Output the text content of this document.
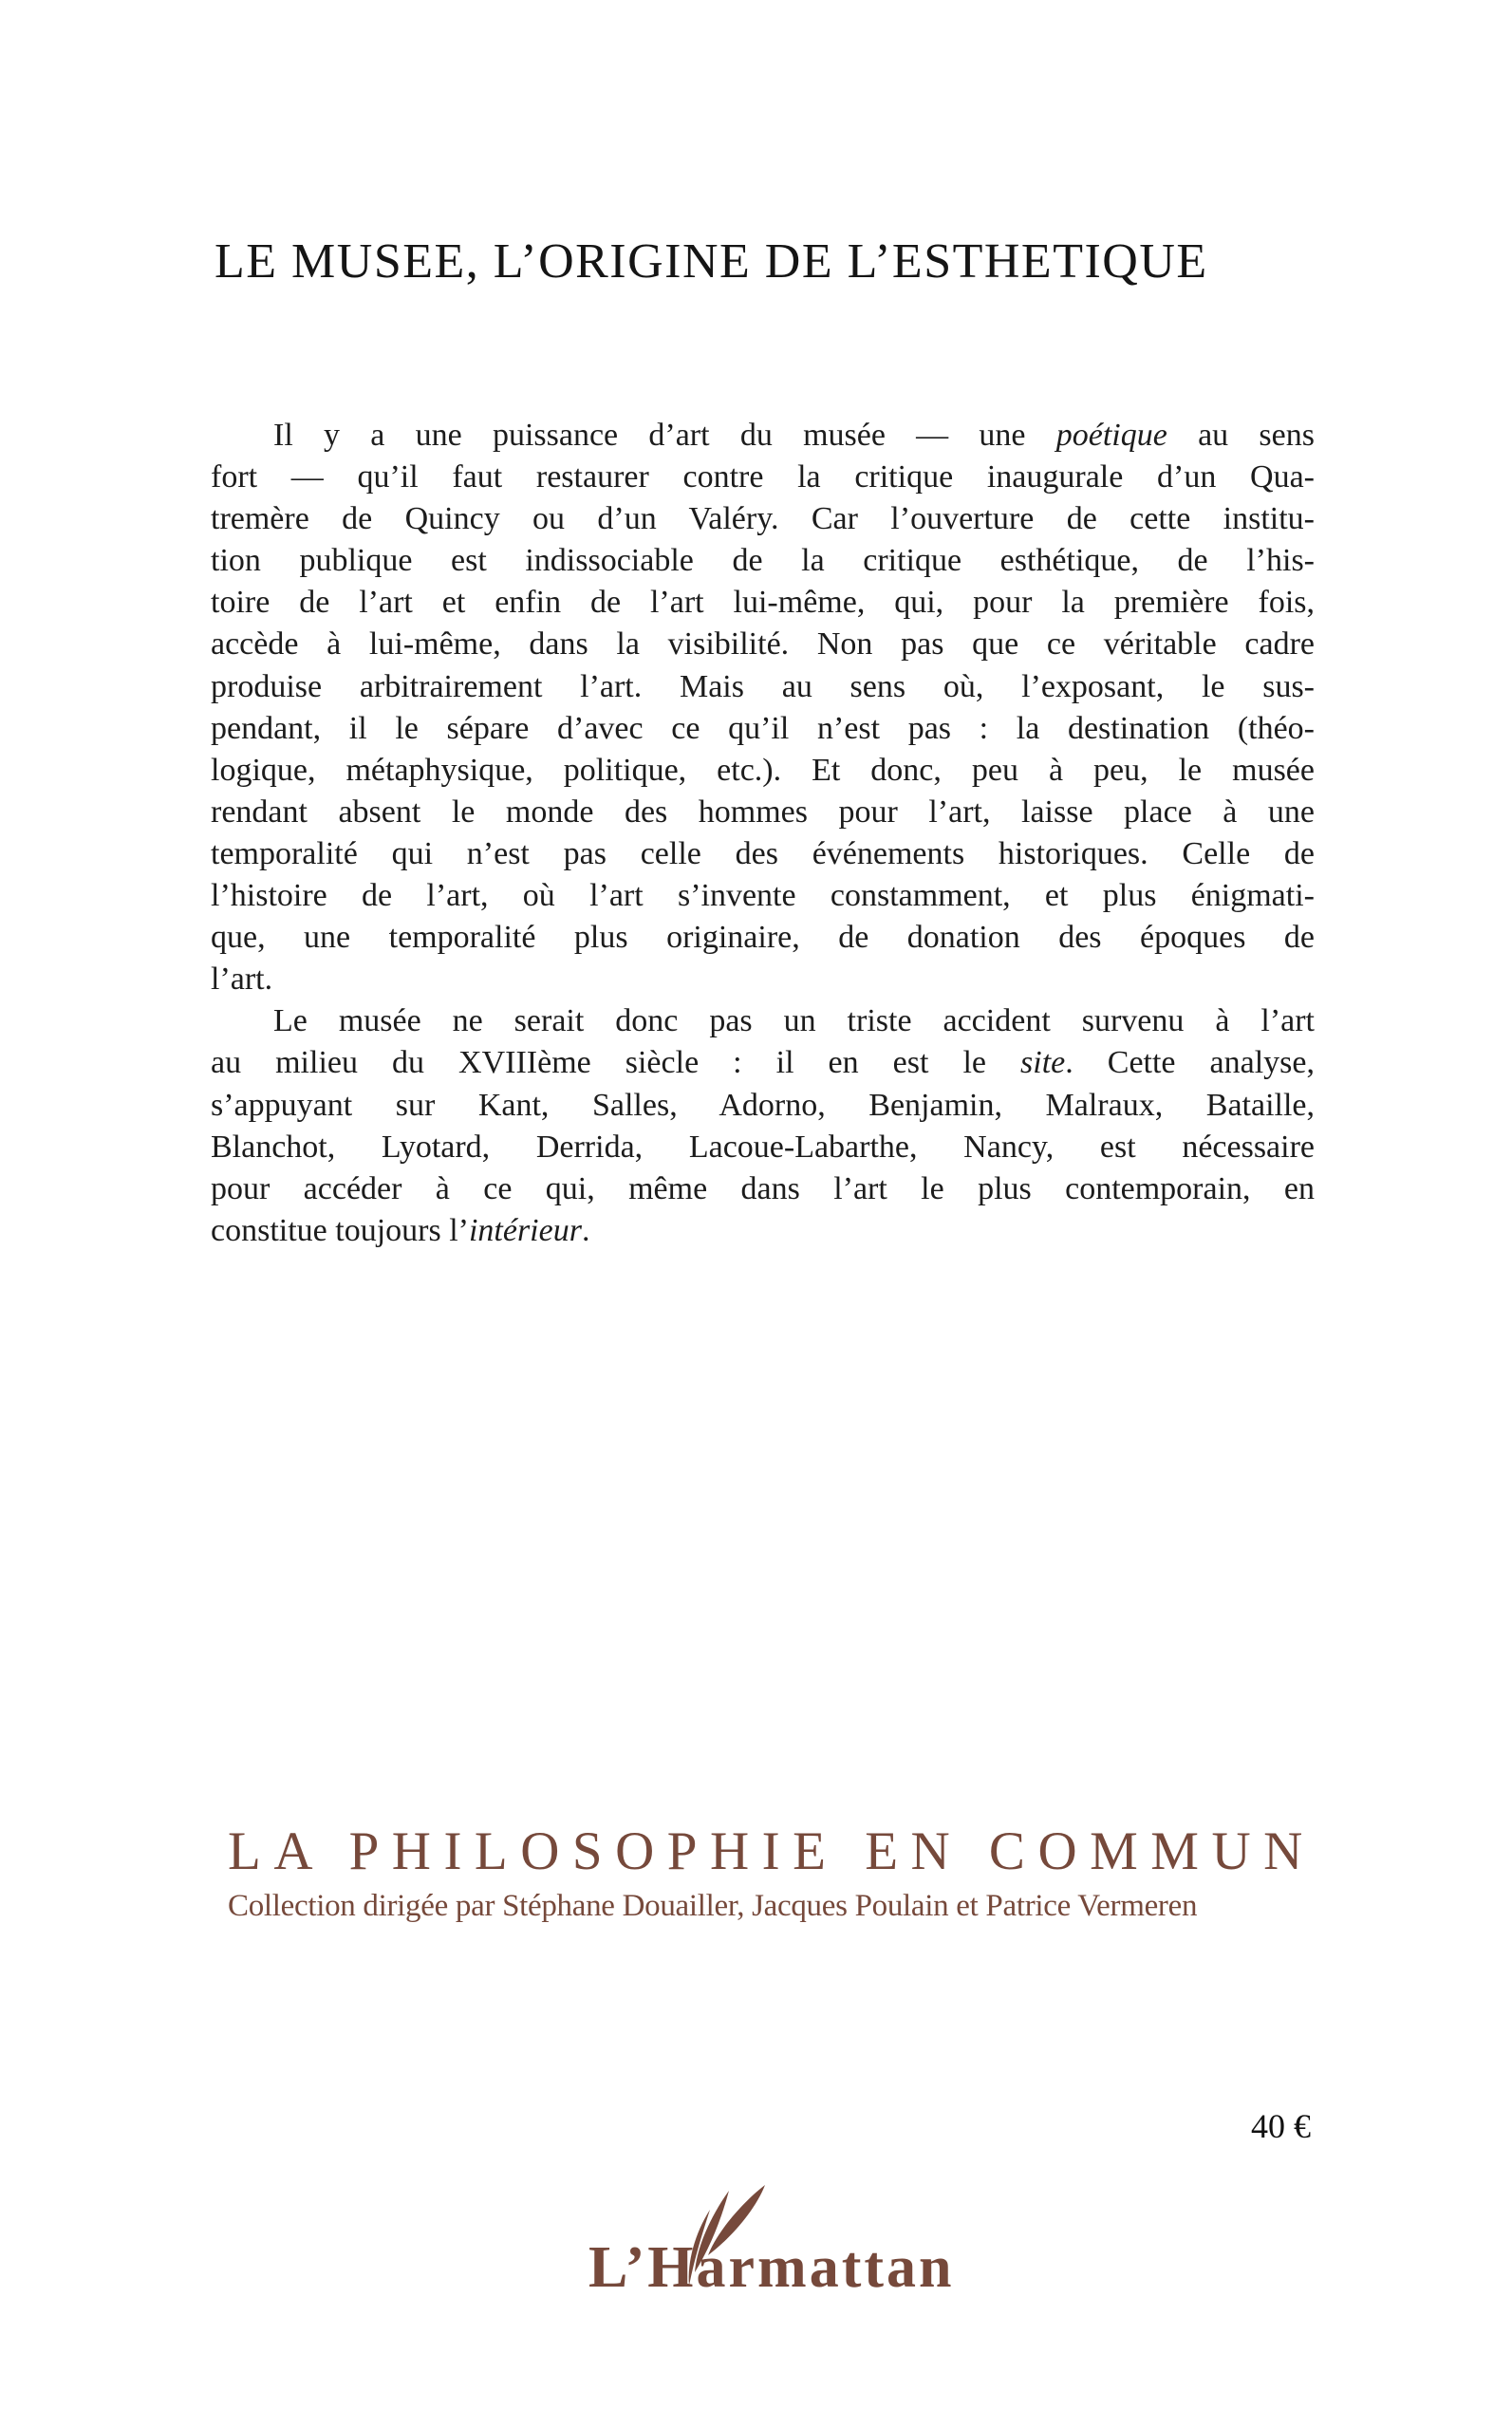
LE MUSEE, L’ORIGINE DE L’ESTHETIQUE
Il y a une puissance d’art du musée — une poétique au sens
fort — qu’il faut restaurer contre la critique inaugurale d’un Qua-
tremère de Quincy ou d’un Valéry. Car l’ouverture de cette institu-
tion publique est indissociable de la critique esthétique, de l’his-
toire de l’art et enfin de l’art lui-même, qui, pour la première fois,
accède à lui-même, dans la visibilité. Non pas que ce véritable cadre
produise arbitrairement l’art. Mais au sens où, l’exposant, le sus-
pendant, il le sépare d’avec ce qu’il n’est pas : la destination (théo-
logique, métaphysique, politique, etc.). Et donc, peu à peu, le musée
rendant absent le monde des hommes pour l’art, laisse place à une
temporalité qui n’est pas celle des événements historiques. Celle de
l’histoire de l’art, où l’art s’invente constamment, et plus énigmati-
que, une temporalité plus originaire, de donation des époques de
l’art.
Le musée ne serait donc pas un triste accident survenu à l’art
au milieu du XVIIIème siècle : il en est le site. Cette analyse,
s’appuyant sur Kant, Salles, Adorno, Benjamin, Malraux, Bataille,
Blanchot, Lyotard, Derrida, Lacoue-Labarthe, Nancy, est nécessaire
pour accéder à ce qui, même dans l’art le plus contemporain, en
constitue toujours l’intérieur.
LA PHILOSOPHIE EN COMMUN
Collection dirigée par Stéphane Douailler, Jacques Poulain et Patrice Vermeren
40 €
L’Harmattan
